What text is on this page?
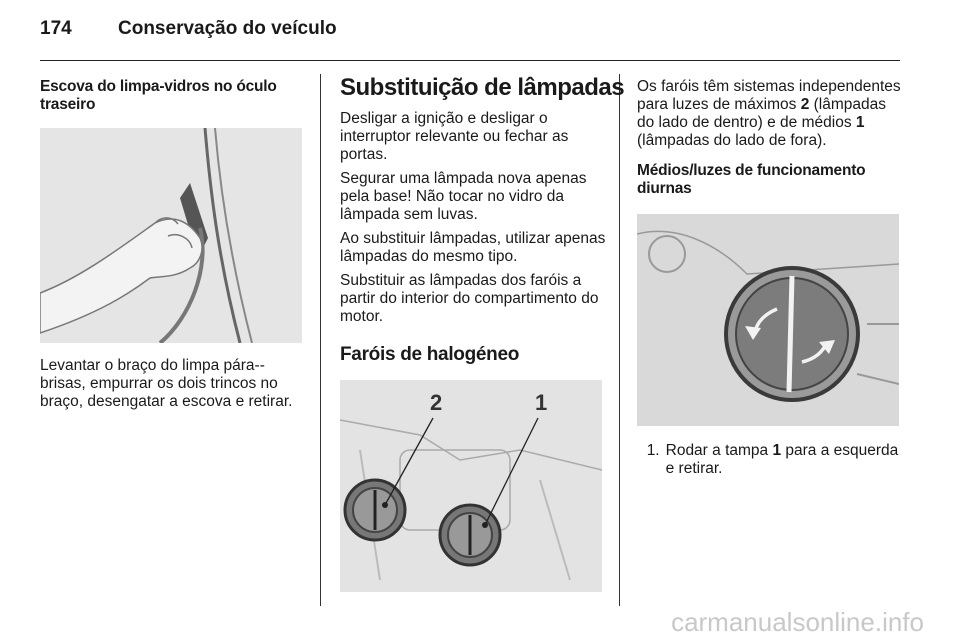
174 Conservação do veículo
Escova do limpa-vidros no óculo traseiro

Levantar o braço do limpa pára--brisas, empurrar os dois trincos no braço, desengatar a escova e retirar.

Substituição de lâmpadas

Desligar a ignição e desligar o interruptor relevante ou fechar as portas.

Segurar uma lâmpada nova apenas pela base! Não tocar no vidro da lâmpada sem luvas.

Ao substituir lâmpadas, utilizar apenas lâmpadas do mesmo tipo.

Substituir as lâmpadas dos faróis a partir do interior do compartimento do motor.

Faróis de halogéneo
2	1

Os faróis têm sistemas independentes para luzes de máximos 2 (lâmpadas do lado de dentro) e de médios 1 (lâmpadas do lado de fora).

Médios/luzes de funcionamento diurnas
1. Rodar a tampa 1 para a esquerda e retirar.
carmanualsonline.info
